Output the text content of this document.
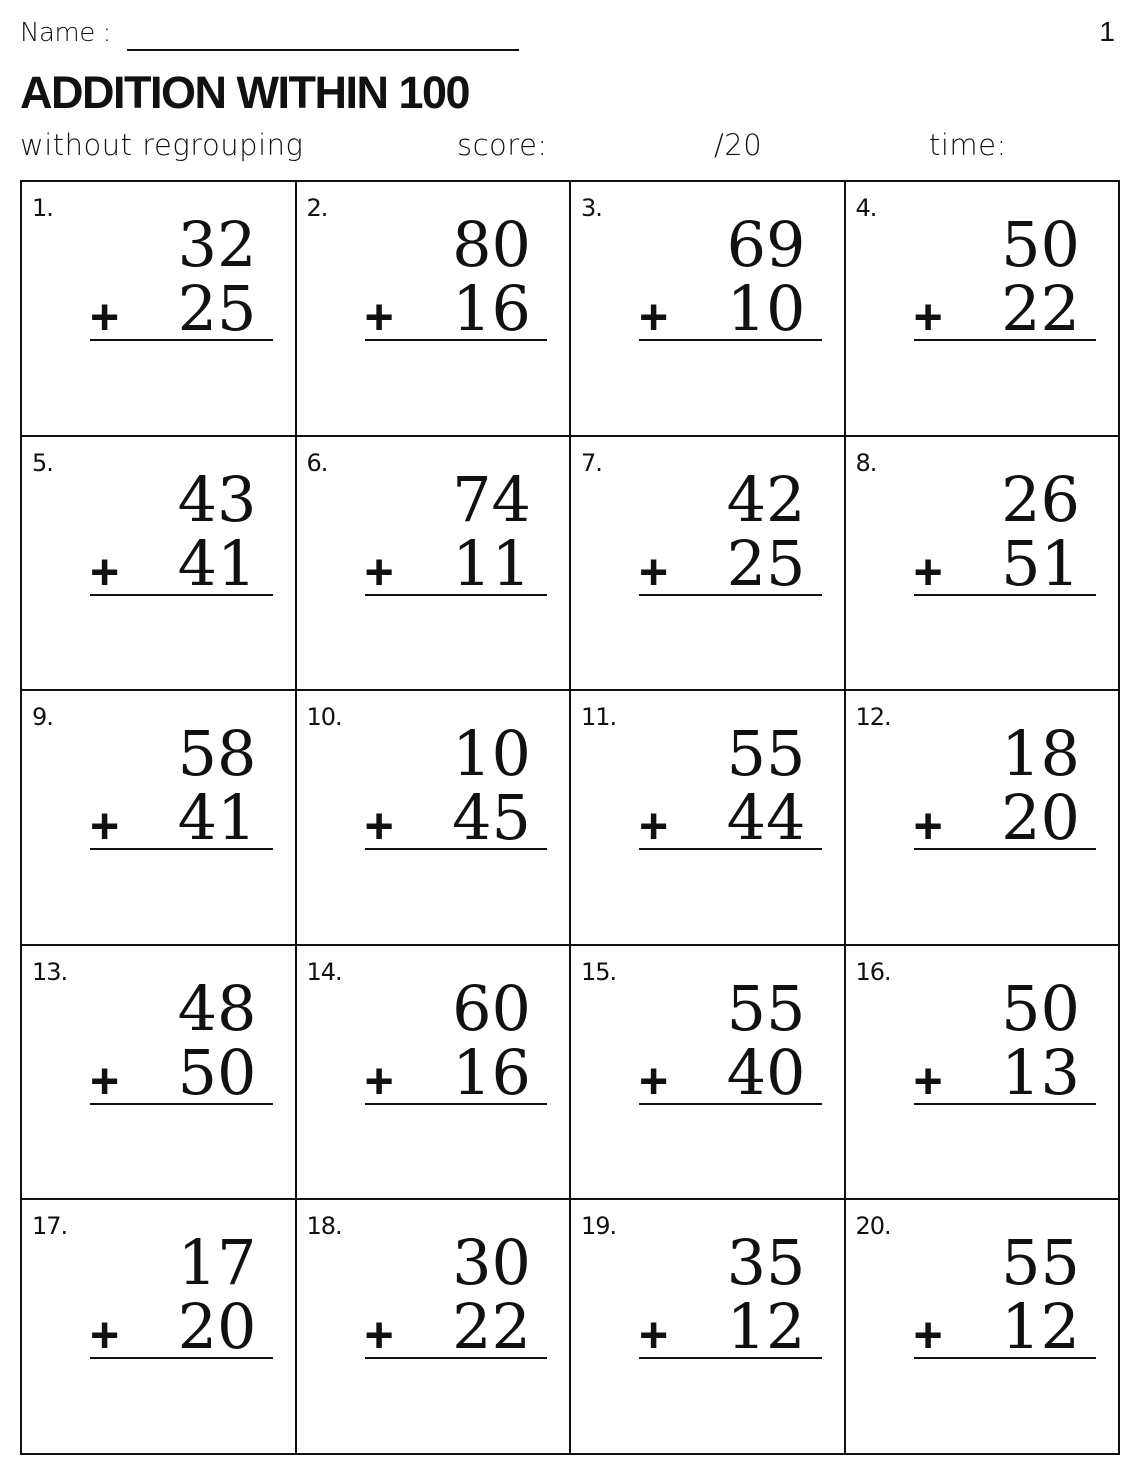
Name :	1
ADDITION WITHIN 100
without regrouping	score:	/20	time:
1. 32
+ 25
2. 80
+ 16
3. 69
+ 10
4. 50
+ 22
5. 43
+ 41
6. 74
+ 11
7. 42
+ 25
8. 26
+ 51
9. 58
+ 41
10. 10
+ 45
11. 55
+ 44
12. 18
+ 20
13. 48
+ 50
14. 60
+ 16
15. 55
+ 40
16. 50
+ 13
17. 17
+ 20
18. 30
+ 22
19. 35
+ 12
20. 55
+ 12
